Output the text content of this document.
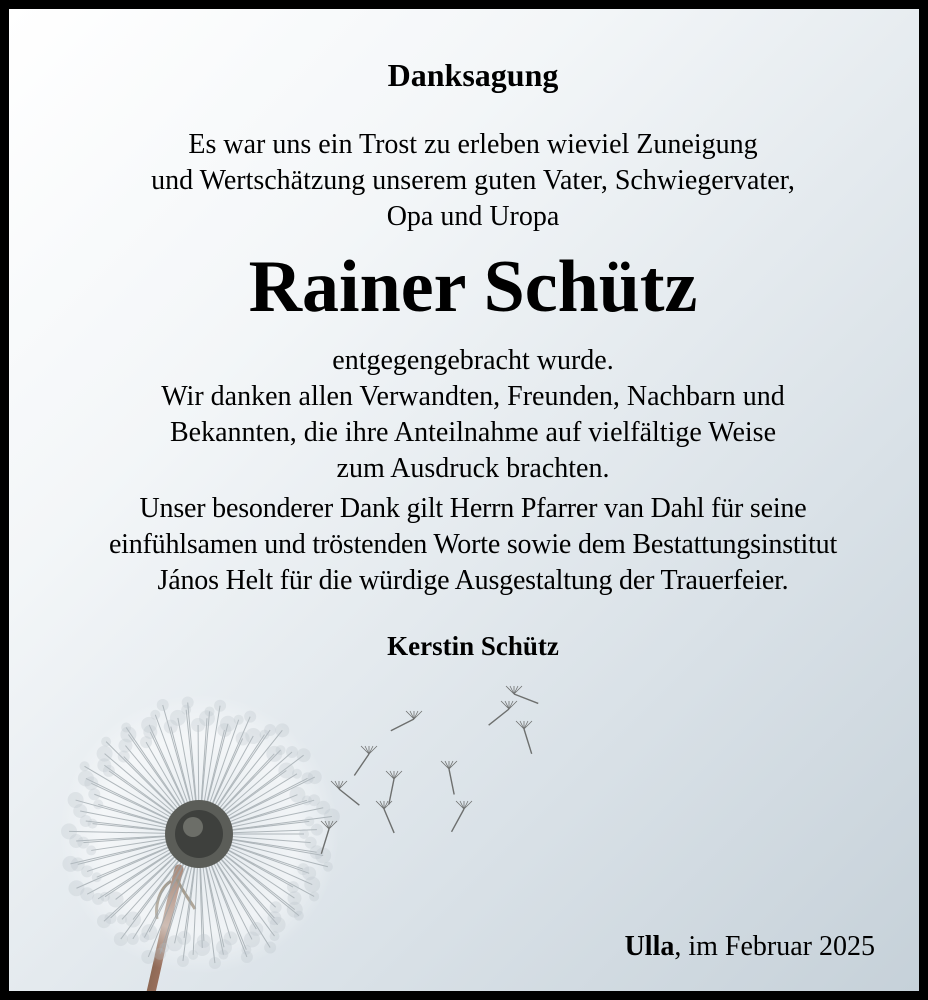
Danksagung
Es war uns ein Trost zu erleben wieviel Zuneigung
und Wertschätzung unserem guten Vater, Schwiegervater,
Opa und Uropa
Rainer Schütz
entgegengebracht wurde.
Wir danken allen Verwandten, Freunden, Nachbarn und
Bekannten, die ihre Anteilnahme auf vielfältige Weise
zum Ausdruck brachten.
Unser besonderer Dank gilt Herrn Pfarrer van Dahl für seine
einfühlsamen und tröstenden Worte sowie dem Bestattungsinstitut
János Helt für die würdige Ausgestaltung der Trauerfeier.
Kerstin Schütz
Ulla, im Februar 2025
